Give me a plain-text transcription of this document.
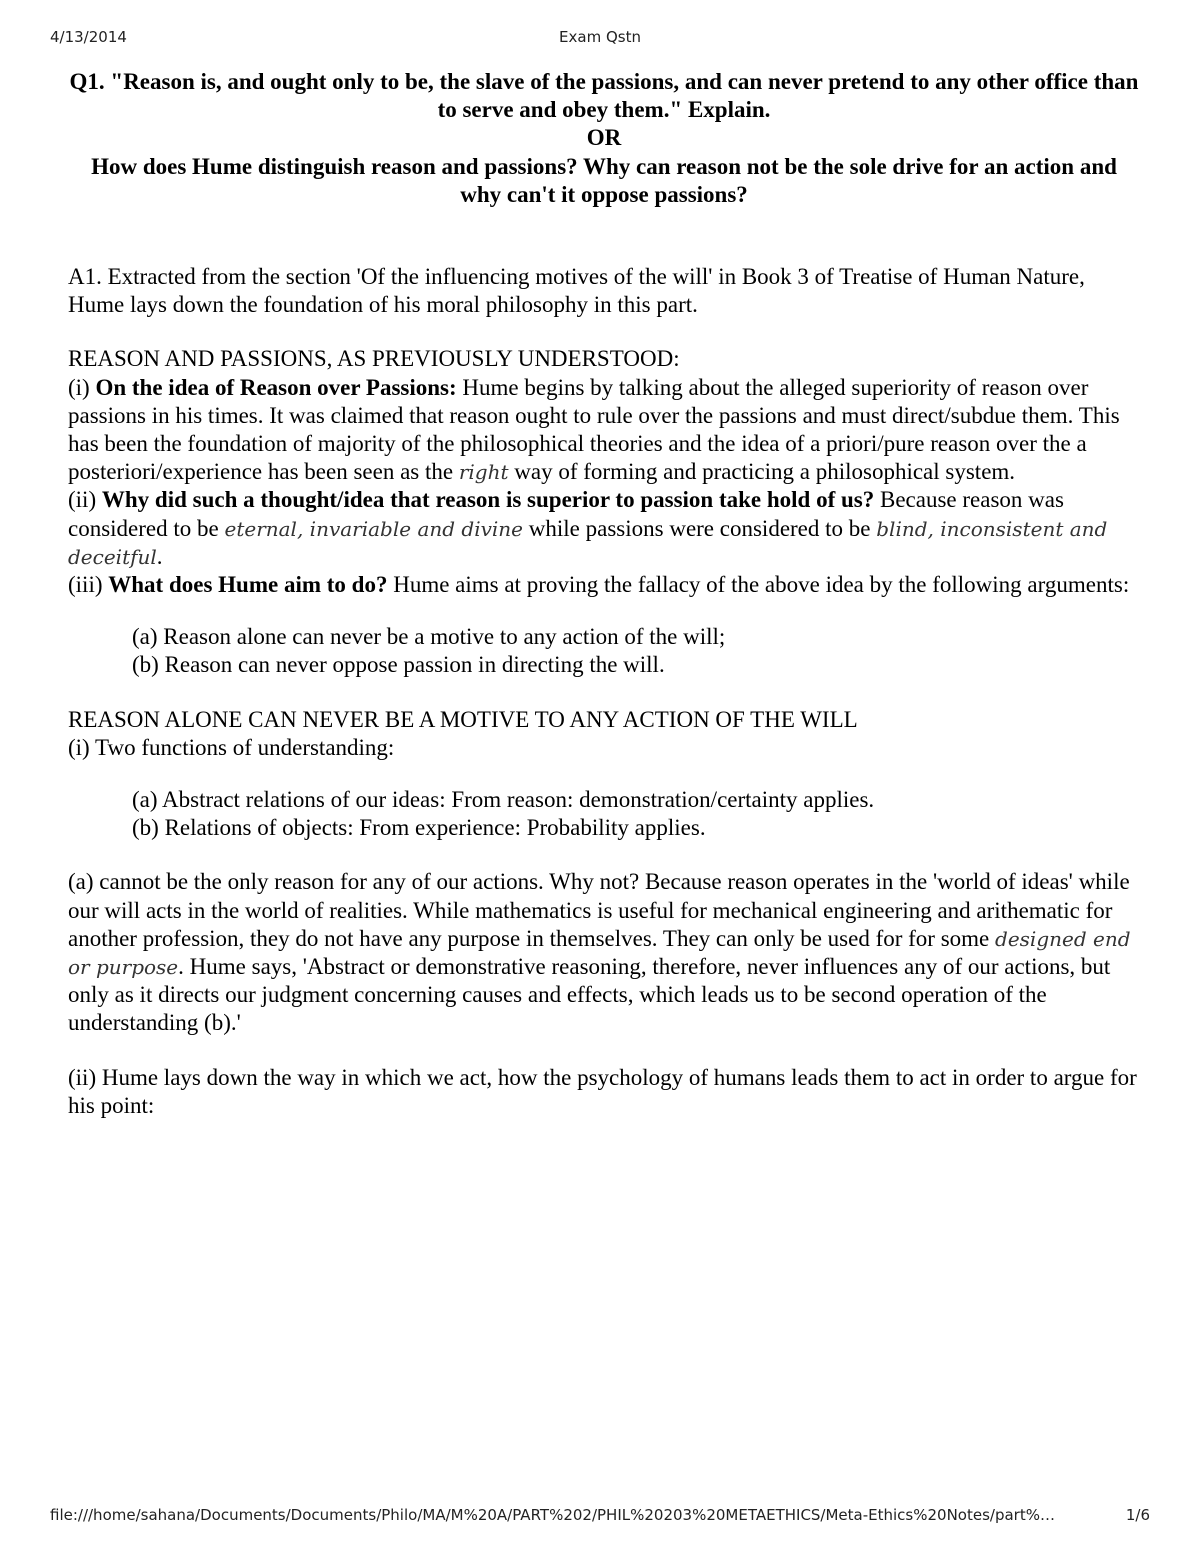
4/13/2014	Exam Qstn
Q1. "Reason is, and ought only to be, the slave of the passions, and can never pretend to any other office than to serve and obey them." Explain.
OR
How does Hume distinguish reason and passions? Why can reason not be the sole drive for an action and why can't it oppose passions?

A1. Extracted from the section 'Of the influencing motives of the will' in Book 3 of Treatise of Human Nature, Hume lays down the foundation of his moral philosophy in this part.

REASON AND PASSIONS, AS PREVIOUSLY UNDERSTOOD:

(i) On the idea of Reason over Passions: Hume begins by talking about the alleged superiority of reason over passions in his times. It was claimed that reason ought to rule over the passions and must direct/subdue them. This has been the foundation of majority of the philosophical theories and the idea of a priori/pure reason over the a posteriori/experience has been seen as the right way of forming and practicing a philosophical system.

(ii) Why did such a thought/idea that reason is superior to passion take hold of us? Because reason was considered to be eternal, invariable and divine while passions were considered to be blind, inconsistent and deceitful.

(iii) What does Hume aim to do? Hume aims at proving the fallacy of the above idea by the following arguments:

(a) Reason alone can never be a motive to any action of the will;

(b) Reason can never oppose passion in directing the will.

REASON ALONE CAN NEVER BE A MOTIVE TO ANY ACTION OF THE WILL

(i) Two functions of understanding:

(a) Abstract relations of our ideas: From reason: demonstration/certainty applies.

(b) Relations of objects: From experience: Probability applies.

(a) cannot be the only reason for any of our actions. Why not? Because reason operates in the 'world of ideas' while our will acts in the world of realities. While mathematics is useful for mechanical engineering and arithematic for another profession, they do not have any purpose in themselves. They can only be used for for some designed end or purpose. Hume says, 'Abstract or demonstrative reasoning, therefore, never influences any of our actions, but only as it directs our judgment concerning causes and effects, which leads us to be second operation of the understanding (b).'

(ii) Hume lays down the way in which we act, how the psychology of humans leads them to act in order to argue for his point:

file:///home/sahana/Documents/Documents/Philo/MA/M%20A/PART%202/PHIL%20203%20METAETHICS/Meta-Ethics%20Notes/part%…	1/6
